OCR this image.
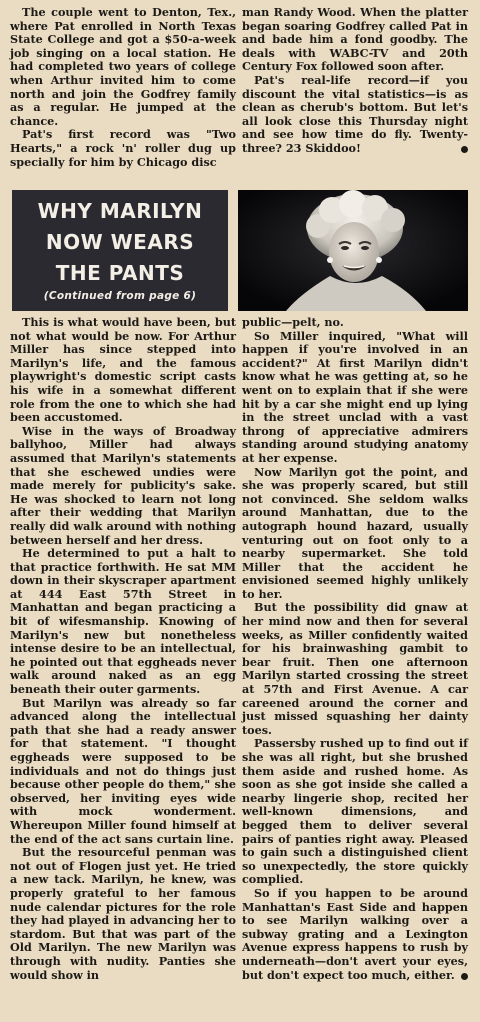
The couple went to Denton, Tex., where Pat enrolled in North Texas State College and got a $50-a-week job singing on a local station. He had completed two years of college when Arthur invited him to come north and join the Godfrey family as a regular. He jumped at the chance.

Pat's first record was "Two Hearts," a rock 'n' roller dug up specially for him by Chicago disc

man Randy Wood. When the platter began soaring Godfrey called Pat in and bade him a fond goodby. The deals with WABC-TV and 20th Century Fox followed soon after.

Pat's real-life record—if you discount the vital statistics—is as clean as cherub's bottom. But let's all look close this Thursday night and see how time do fly. Twenty-three? 23 Skiddoo!

WHY MARILYN
NOW WEARS
THE PANTS
(Continued from page 6)

This is what would have been, but not what would be now. For Arthur Miller has since stepped into Marilyn's life, and the famous playwright's domestic script casts his wife in a somewhat different role from the one to which she had been accustomed.

Wise in the ways of Broadway ballyhoo, Miller had always assumed that Marilyn's statements that she eschewed undies were made merely for publicity's sake. He was shocked to learn not long after their wedding that Marilyn really did walk around with nothing between herself and her dress.

He determined to put a halt to that practice forthwith. He sat MM down in their skyscraper apartment at 444 East 57th Street in Manhattan and began practicing a bit of wifesmanship. Knowing of Marilyn's new but nonetheless intense desire to be an intellectual, he pointed out that eggheads never walk around naked as an egg beneath their outer garments.

But Marilyn was already so far advanced along the intellectual path that she had a ready answer for that statement. "I thought eggheads were supposed to be individuals and not do things just because other people do them," she observed, her inviting eyes wide with mock wonderment. Whereupon Miller found himself at the end of the act sans curtain line.

But the resourceful penman was not out of Flogen just yet. He tried a new tack. Marilyn, he knew, was properly grateful to her famous nude calendar pictures for the role they had played in advancing her to stardom. But that was part of the Old Marilyn. The new Marilyn was through with nudity. Panties she would show in

public—pelt, no.

So Miller inquired, "What will happen if you're involved in an accident?" At first Marilyn didn't know what he was getting at, so he went on to explain that if she were hit by a car she might end up lying in the street unclad with a vast throng of appreciative admirers standing around studying anatomy at her expense.

Now Marilyn got the point, and she was properly scared, but still not convinced. She seldom walks around Manhattan, due to the autograph hound hazard, usually venturing out on foot only to a nearby supermarket. She told Miller that the accident he envisioned seemed highly unlikely to her.

But the possibility did gnaw at her mind now and then for several weeks, as Miller confidently waited for his brainwashing gambit to bear fruit. Then one afternoon Marilyn started crossing the street at 57th and First Avenue. A car careened around the corner and just missed squashing her dainty toes.

Passersby rushed up to find out if she was all right, but she brushed them aside and rushed home. As soon as she got inside she called a nearby lingerie shop, recited her well-known dimensions, and begged them to deliver several pairs of panties right away. Pleased to gain such a distinguished client so unexpectedly, the store quickly complied.

So if you happen to be around Manhattan's East Side and happen to see Marilyn walking over a subway grating and a Lexington Avenue express happens to rush by underneath—don't avert your eyes, but don't expect too much, either.
